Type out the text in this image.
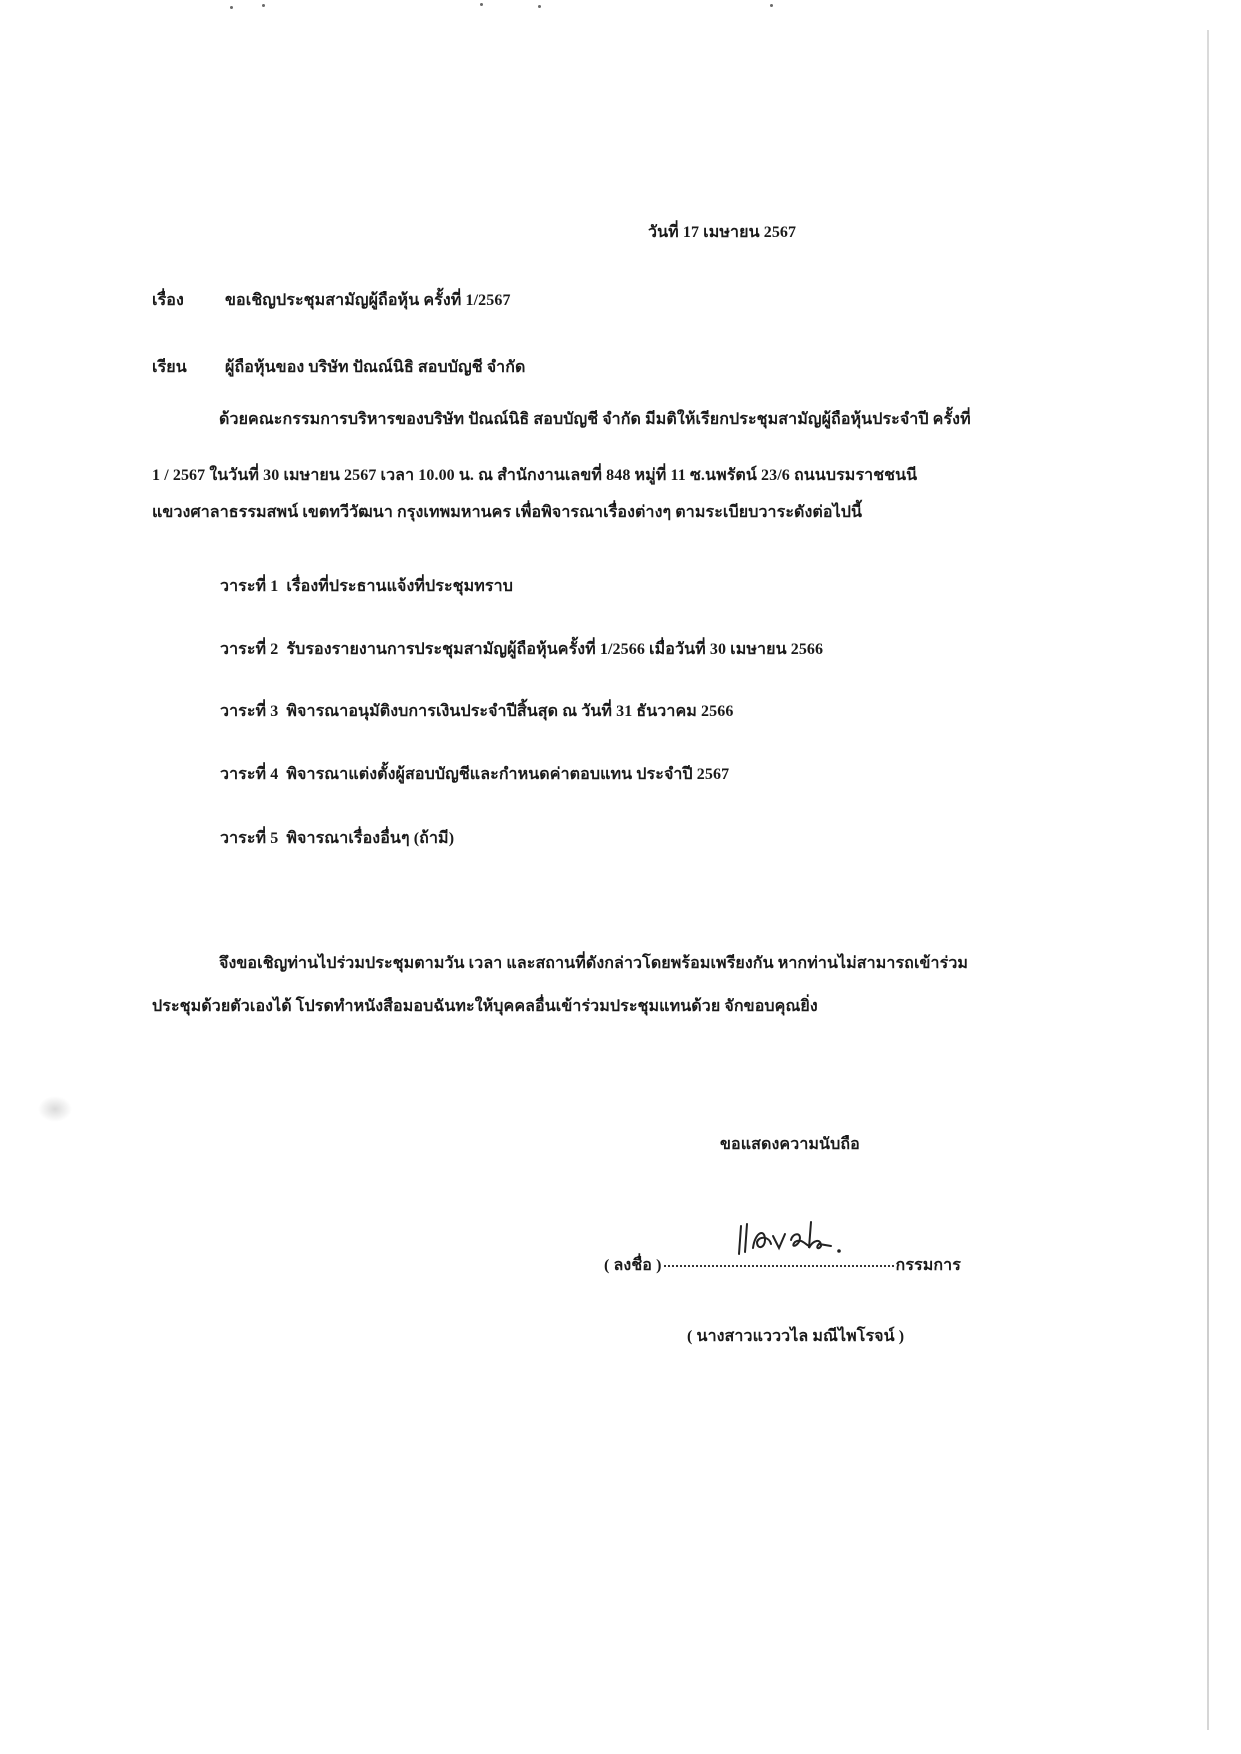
วันที่ 17 เมษายน 2567
เรื่อง	ขอเชิญประชุมสามัญผู้ถือหุ้น ครั้งที่ 1/2567
เรียน ผู้ถือหุ้นของ บริษัท ปัณณ์นิธิ สอบบัญชี จำกัด
ด้วยคณะกรรมการบริหารของบริษัท ปัณณ์นิธิ สอบบัญชี จำกัด มีมติให้เรียกประชุมสามัญผู้ถือหุ้นประจำปี ครั้งที่
1 / 2567 ในวันที่ 30 เมษายน 2567 เวลา 10.00 น. ณ สำนักงานเลขที่ 848 หมู่ที่ 11 ซ.นพรัตน์ 23/6 ถนนบรมราชชนนี
แขวงศาลาธรรมสพน์ เขตทวีวัฒนา กรุงเทพมหานคร เพื่อพิจารณาเรื่องต่างๆ ตามระเบียบวาระดังต่อไปนี้
วาระที่ 1 เรื่องที่ประธานแจ้งที่ประชุมทราบ
วาระที่ 2 รับรองรายงานการประชุมสามัญผู้ถือหุ้นครั้งที่ 1/2566 เมื่อวันที่ 30 เมษายน 2566
วาระที่ 3 พิจารณาอนุมัติงบการเงินประจำปีสิ้นสุด ณ วันที่ 31 ธันวาคม 2566
วาระที่ 4 พิจารณาแต่งตั้งผู้สอบบัญชีและกำหนดค่าตอบแทน ประจำปี 2567
วาระที่ 5 พิจารณาเรื่องอื่นๆ (ถ้ามี)
จึงขอเชิญท่านไปร่วมประชุมตามวัน เวลา และสถานที่ดังกล่าวโดยพร้อมเพรียงกัน หากท่านไม่สามารถเข้าร่วม
ประชุมด้วยตัวเองได้ โปรดทำหนังสือมอบฉันทะให้บุคคลอื่นเข้าร่วมประชุมแทนด้วย จักขอบคุณยิ่ง
ขอแสดงความนับถือ
( ลงชื่อ )	กรรมการ
( นางสาวแวววไล มณีไพโรจน์ )
